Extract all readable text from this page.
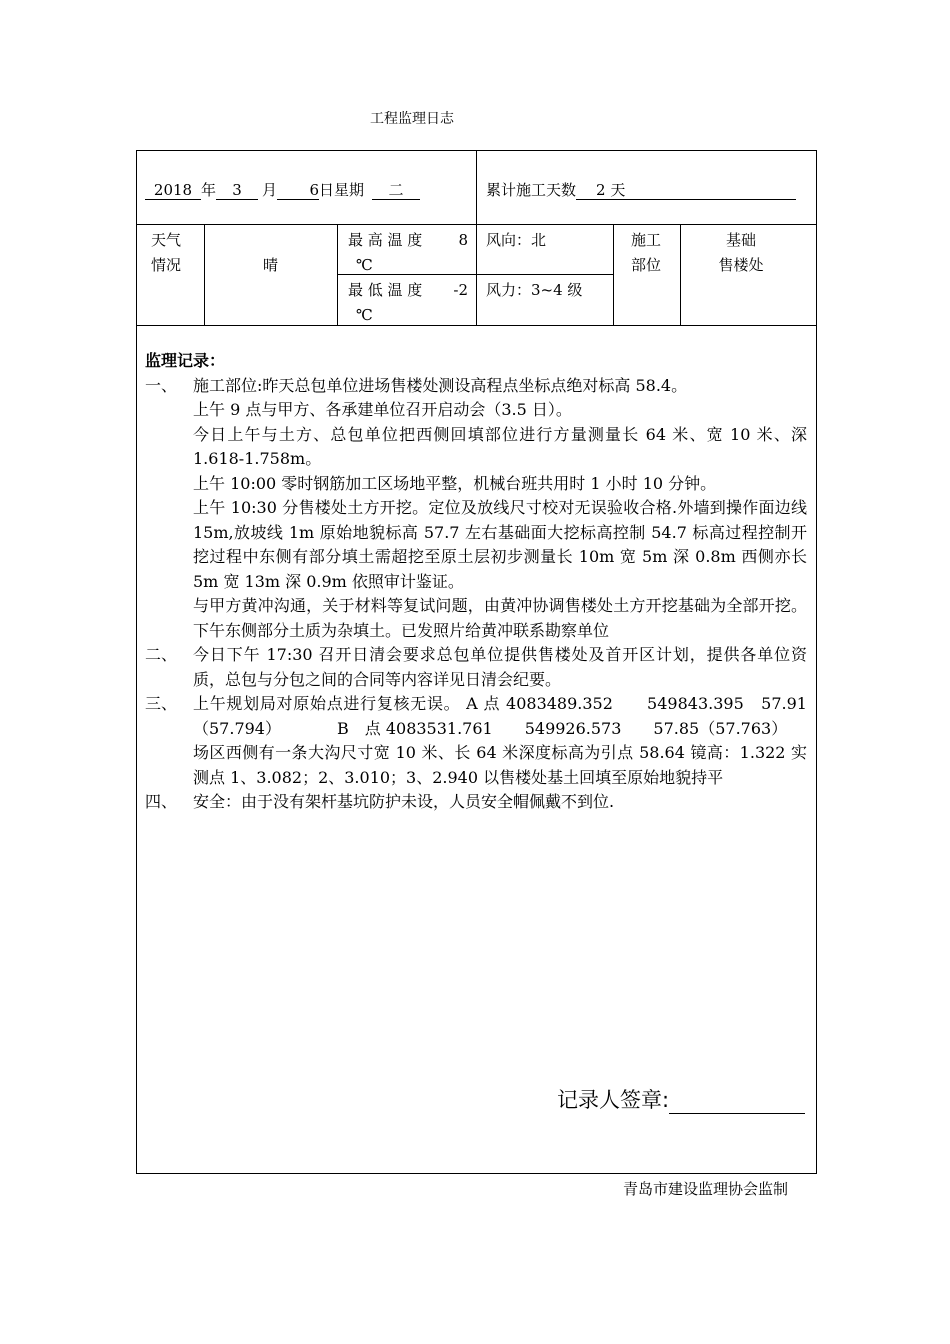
工程监理日志
2018 年 3 月 6日星期 二	累计施工天数 2 天
天气
情况	晴
最 高 温 度 8
℃
最 低 温 度 -2
℃
风向：北
风力：3~4 级
施工
部位
基础
售楼处
监理记录：
一、 施工部位:昨天总包单位进场售楼处测设高程点坐标点绝对标高 58.4。
上午 9 点与甲方、各承建单位召开启动会（3.5 日）。
今日上午与土方、总包单位把西侧回填部位进行方量测量长 64 米、宽 10 米、深 1.618-1.758m。
上午 10:00 零时钢筋加工区场地平整，机械台班共用时 1 小时 10 分钟。
上午 10:30 分售楼处土方开挖。定位及放线尺寸校对无误验收合格.外墙到操作面边线 15m,放坡线 1m 原始地貌标高 57.7 左右基础面大挖标高控制 54.7 标高过程控制开挖过程中东侧有部分填土需超挖至原土层初步测量长 10m 宽 5m 深 0.8m 西侧亦长 5m 宽 13m 深 0.9m 依照审计鉴证。
与甲方黄冲沟通，关于材料等复试问题，由黄冲协调售楼处土方开挖基础为全部开挖。下午东侧部分土质为杂填土。已发照片给黄冲联系勘察单位
二、 今日下午 17:30 召开日清会要求总包单位提供售楼处及首开区计划，提供各单位资质，总包与分包之间的合同等内容详见日清会纪要。
三、 上午规划局对原始点进行复核无误。 A 点 4083489.352　　549843.395　57.91（57.794）　　　　B　点 4083531.761　　549926.573　　57.85（57.763）
场区西侧有一条大沟尺寸宽 10 米、长 64 米深度标高为引点 58.64 镜高：1.322 实测点 1、3.082；2、3.010；3、2.940 以售楼处基土回填至原始地貌持平
四、 安全：由于没有架杆基坑防护未设，人员安全帽佩戴不到位.
记录人签章:
青岛市建设监理协会监制
